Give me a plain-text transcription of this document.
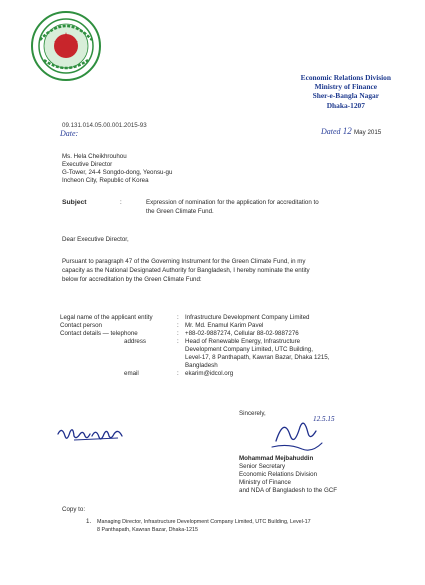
Economic Relations Division
Ministry of Finance
Sher-e-Bangla Nagar
Dhaka-1207
09.131.014.05.00.001.2015-93
Date:	Dated 12 May 2015
Ms. Hela Cheikhrouhou
Executive Director
G-Tower, 24-4 Songdo-dong, Yeonsu-gu
Incheon City, Republic of Korea
Subject	:	Expression of nomination for the application for accreditation to
the Green Climate Fund.
Dear Executive Director,
Pursuant to paragraph 47 of the Governing Instrument for the Green Climate Fund, in my
capacity as the National Designated Authority for Bangladesh, I hereby nominate the entity
below for accreditation by the Green Climate Fund:
Legal name of the applicant entity	: Infrastructure Development Company Limited
Contact person	: Mr. Md. Enamul Karim Pavel
Contact details — telephone	: +88-02-9887274, Cellular 88-02-9887276
address	: Head of Renewable Energy, Infrastructure
Development Company Limited, UTC Building,
Level-17, 8 Panthapath, Kawran Bazar, Dhaka 1215,
Bangladesh
email	: ekarim@idcol.org
Sincerely,
12.5.15
Mohammad Mejbahuddin
Senior Secretary
Economic Relations Division
Ministry of Finance
and NDA of Bangladesh to the GCF
Copy to:
1. Managing Director, Infrastructure Development Company Limited, UTC Building, Level-17
8 Panthapath, Kawran Bazar, Dhaka-1215
